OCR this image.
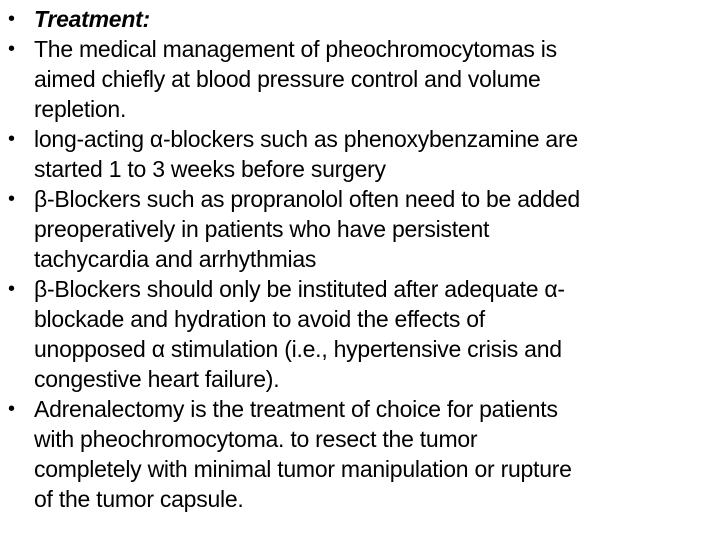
• Treatment:
• The medical management of pheochromocytomas is
aimed chiefly at blood pressure control and volume
repletion.
• long-acting α-blockers such as phenoxybenzamine are
started 1 to 3 weeks before surgery
• β-Blockers such as propranolol often need to be added
preoperatively in patients who have persistent
tachycardia and arrhythmias
• β-Blockers should only be instituted after adequate α-
blockade and hydration to avoid the effects of
unopposed α stimulation (i.e., hypertensive crisis and
congestive heart failure).
• Adrenalectomy is the treatment of choice for patients
with pheochromocytoma. to resect the tumor
completely with minimal tumor manipulation or rupture
of the tumor capsule.
